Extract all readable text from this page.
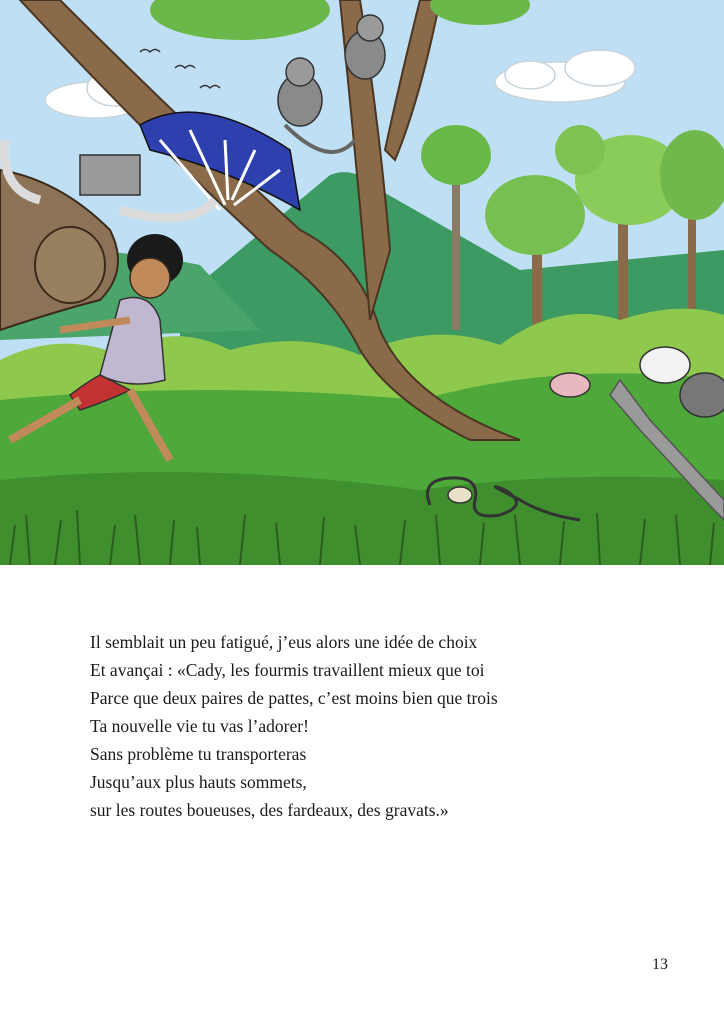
Il semblait un peu fatigué, j’eus alors une idée de choix
Et avançai : «Cady, les fourmis travaillent mieux que toi
Parce que deux paires de pattes, c’est moins bien que trois
Ta nouvelle vie tu vas l’adorer!
Sans problème tu transporteras
Jusqu’aux plus hauts sommets,
sur les routes boueuses, des fardeaux, des gravats.»
13
